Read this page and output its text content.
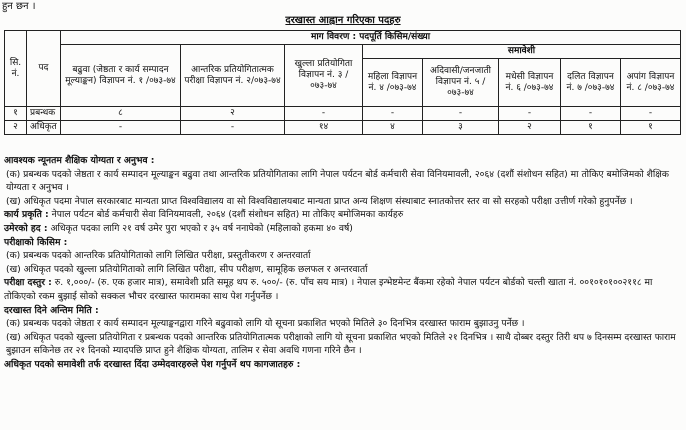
हुन छन ।
दरखास्त आह्वान गरिएका पदहरु
सि. नं.	पद	माग विवरण : पदपूर्ति किसिम/संख्या							
		बढुवा (जेष्ठता र कार्य सम्पादन मूल्याङ्कन) विज्ञापन नं. १ /०७३-७४	आन्तरिक प्रतियोगितात्मक परीक्षा विज्ञापन नं. २/०७३-७४	खुल्ला प्रतियोगिता विज्ञापन नं. ३ /०७३-७४	समावेशी				
					महिला विज्ञापन नं. ४ /०७३-७४	अदिवासी/जनजाती विज्ञापन नं. ५ /०७३-७४	मधेसी विज्ञापन नं. ६ /०७३-७४	दलित विज्ञापन नं. ७ /०७३-७४	अपांग विज्ञापन नं. ८ /०७३-७४
१	प्रबन्धक	८	२	-	-	-	-	-	-
२	अधिकृत	-	-	१४	४	३	२	१	१

आवश्यक न्यूनतम शैक्षिक योग्यता र अनुभव :

(क) प्रबन्धक पदको जेष्ठता र कार्य सम्पादन मूल्याङ्कन बढुवा तथा आन्तरिक प्रतियोगिताका लागि नेपाल पर्यटन बोर्ड कर्मचारी सेवा विनियमावली, २०६४ (दशौं संशोधन सहित) मा तोकिए बमोजिमको शैक्षिक योग्यता र अनुभव ।

(ख) अधिकृत पदमा नेपाल सरकारबाट मान्यता प्राप्त विश्वविद्यालय वा सो विश्वविद्यालयबाट मान्यता प्राप्त अन्य शिक्षण संस्थाबाट स्नातकोत्तर स्तर वा सो सरहको परीक्षा उत्तीर्ण गरेको हुनुपर्नेछ ।

कार्य प्रकृति : नेपाल पर्यटन बोर्ड कर्मचारी सेवा विनियमावली, २०६४ (दशौं संशोधन सहित) मा तोकिए बमोजिमका कार्यहरु

उमेरको हद : अधिकृत पदका लागि २१ वर्ष उमेर पुरा भएको र ३५ वर्ष ननाघेको (महिलाको हकमा ४० वर्ष)

परीक्षाको किसिम :

(क) प्रबन्धक पदको आन्तरिक प्रतियोगिताको लागि लिखित परीक्षा, प्रस्तुतीकरण र अन्तरवार्ता

(ख) अधिकृत पदको खुल्ला प्रतियोगिताको लागि लिखित परीक्षा, सीप परीक्षण, सामूहिक छलफल र अन्तरवार्ता

परीक्षा दस्तुर : रु. १,०००/- (रु. एक हजार मात्र), समावेशी प्रति समूह थप रु. ५००/- (रु. पाँच सय मात्र) । नेपाल इन्भेष्टमेन्ट बैंकमा रहेको नेपाल पर्यटन बोर्डको चल्ती खाता नं. ००१०१०१००२११८ मा तोकिएको रकम बुझाई सोको सक्कल भौचर दरखास्त फारामका साथ पेश गर्नुपर्नेछ ।

दरखास्त दिने अन्तिम मिति :

(क) प्रबन्धक पदको जेष्ठता र कार्य सम्पादन मूल्याङ्कनद्वारा गरिने बढुवाको लागि यो सूचना प्रकाशित भएको मितिले ३० दिनभित्र दरखास्त फाराम बुझाउनु पर्नेछ ।

(ख) अधिकृत पदको खुल्ला प्रतियोगिता र प्रबन्धक पदको आन्तरिक प्रतियोगितात्मक परीक्षाको लागि यो सूचना प्रकाशित भएको मितिले २१ दिनभित्र । साथै दोब्बर दस्तुर तिरी थप ७ दिनसम्म दरखास्त फाराम बुझाउन सकिनेछ तर २१ दिनको म्यादपछि प्राप्त हुने शैक्षिक योग्यता, तालिम र सेवा अवधि गणना गरिने छैन ।

अधिकृत पदको समावेशी तर्फ दरखास्त दिंदा उम्मेदवारहरुले पेश गर्नुपर्ने थप कागजातहरु :
